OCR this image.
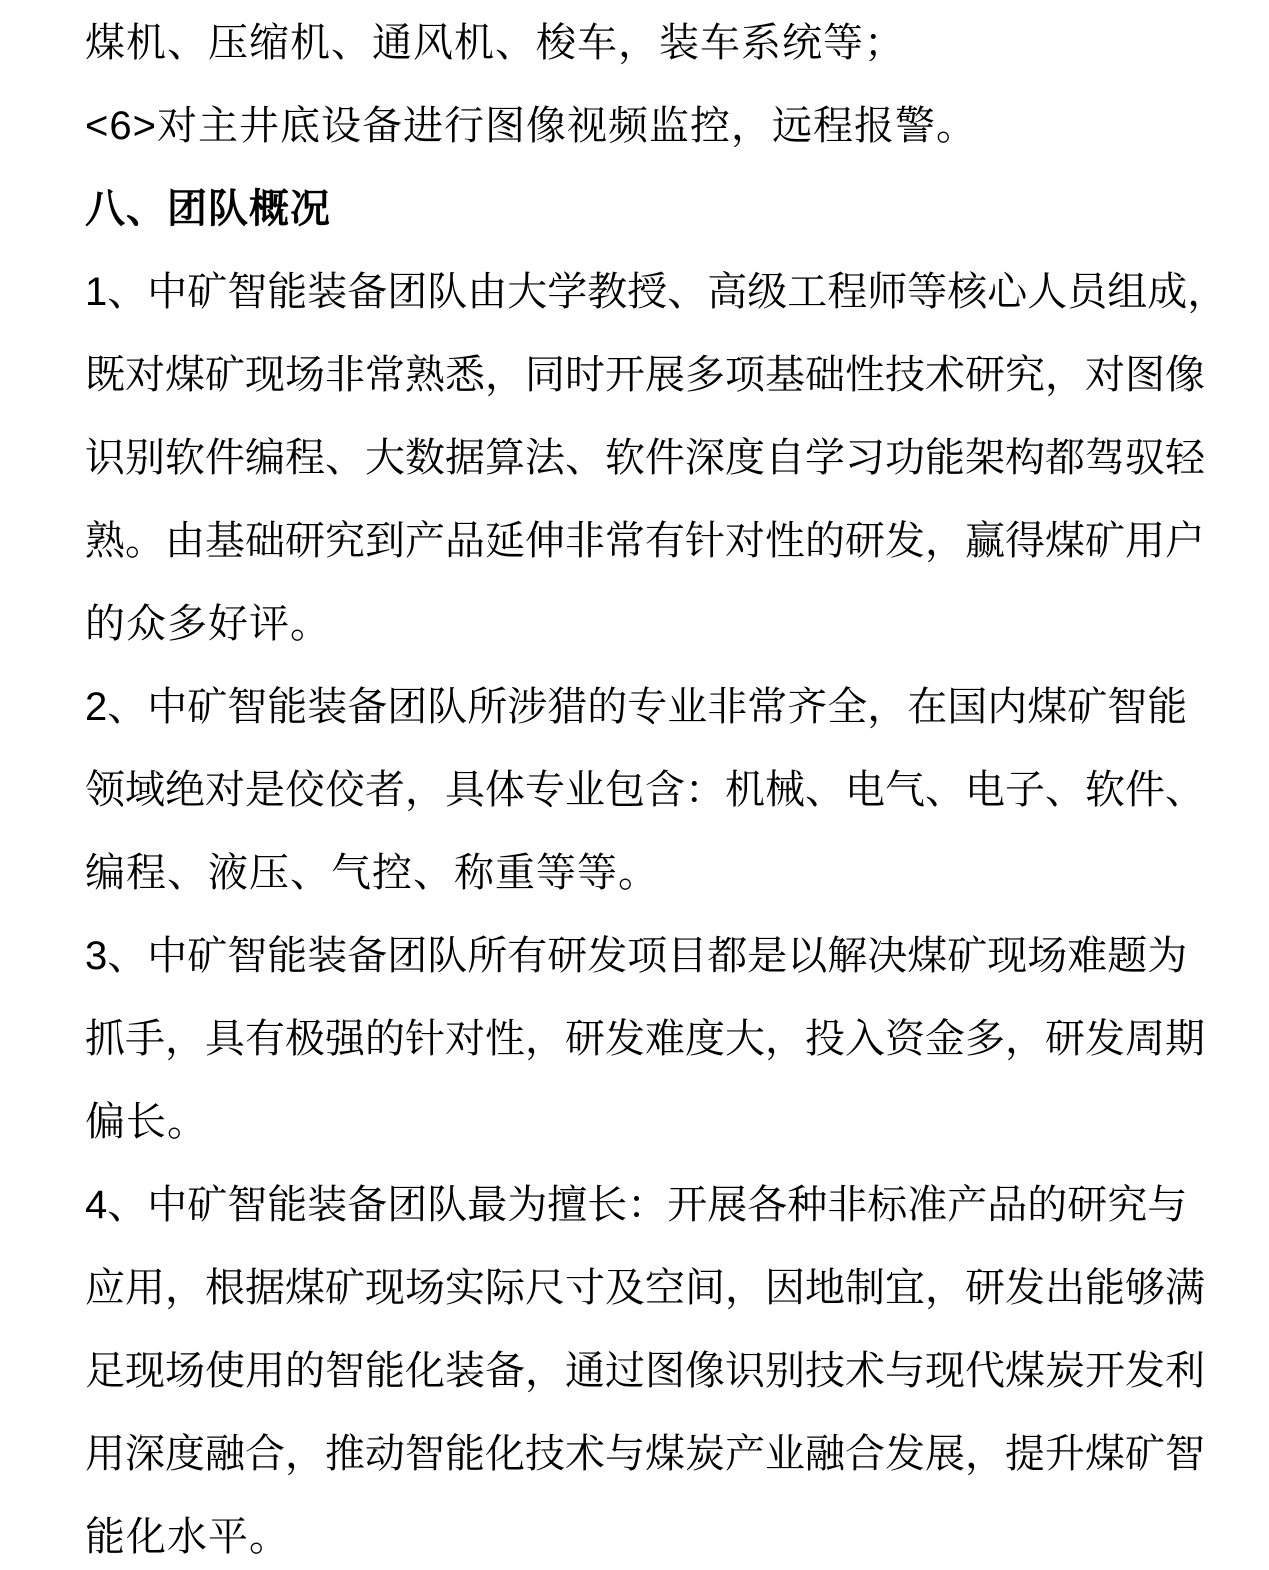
煤机、压缩机、通风机、梭车，装车系统等；
<6>对主井底设备进行图像视频监控，远程报警。
八、团队概况
1 、 中 矿 智 能 装 备 团 队 由 大 学 教 授 、 高 级 工 程 师 等 核 心 人 员 组 成 ，
既 对 煤 矿 现 场 非 常 熟 悉 ， 同 时 开 展 多 项 基 础 性 技 术 研 究 ， 对 图 像
识 别 软 件 编 程 、 大 数 据 算 法 、 软 件 深 度 自 学 习 功 能 架 构 都 驾 驭 轻
熟 。 由 基 础 研 究 到 产 品 延 伸 非 常 有 针 对 性 的 研 发 ， 赢 得 煤 矿 用 户
的众多好评。
2 、 中 矿 智 能 装 备 团 队 所 涉 猎 的 专 业 非 常 齐 全 ， 在 国 内 煤 矿 智 能
领 域 绝 对 是 佼 佼 者 ， 具 体 专 业 包 含 ： 机 械 、 电 气 、 电 子 、 软 件 、
编程、液压、气控、称重等等。
3 、 中 矿 智 能 装 备 团 队 所 有 研 发 项 目 都 是 以 解 决 煤 矿 现 场 难 题 为
抓 手 ， 具 有 极 强 的 针 对 性 ， 研 发 难 度 大 ， 投 入 资 金 多 ， 研 发 周 期
偏长。
4 、 中 矿 智 能 装 备 团 队 最 为 擅 长 ： 开 展 各 种 非 标 准 产 品 的 研 究 与
应 用 ， 根 据 煤 矿 现 场 实 际 尺 寸 及 空 间 ， 因 地 制 宜 ， 研 发 出 能 够 满
足 现 场 使 用 的 智 能 化 装 备 ， 通 过 图 像 识 别 技 术 与 现 代 煤 炭 开 发 利
用 深 度 融 合 ， 推 动 智 能 化 技 术 与 煤 炭 产 业 融 合 发 展 ， 提 升 煤 矿 智
能化水平。
